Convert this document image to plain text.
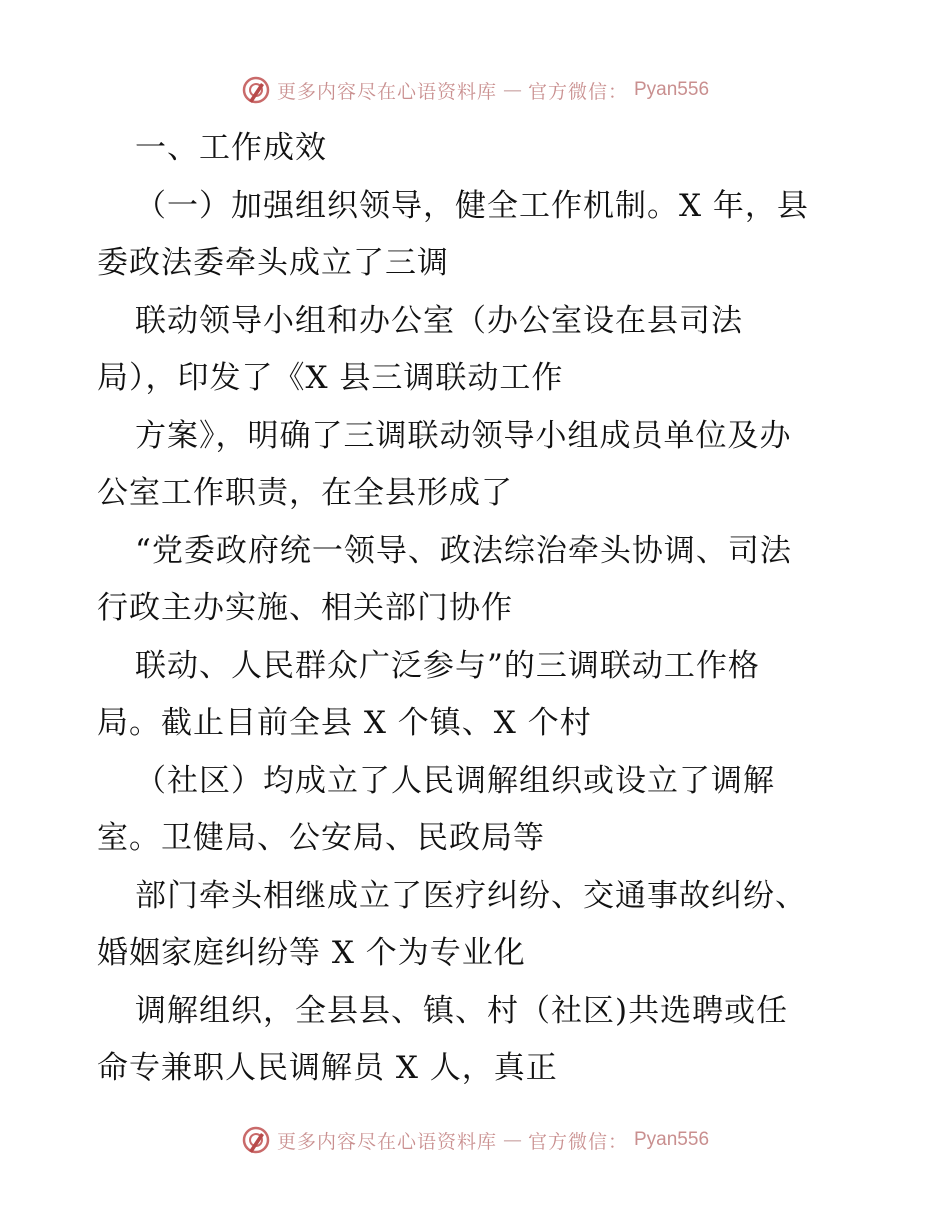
更多内容尽在心语资料库 — 官方微信： Pyan556
一、工作成效
（一）加强组织领导，健全工作机制。X 年，县
委政法委牵头成立了三调
联动领导小组和办公室（办公室设在县司法
局），印发了《X 县三调联动工作
方案》，明确了三调联动领导小组成员单位及办
公室工作职责，在全县形成了
“党委政府统一领导、政法综治牵头协调、司法
行政主办实施、相关部门协作
联动、人民群众广泛参与”的三调联动工作格
局。截止目前全县 X 个镇、X 个村
（社区）均成立了人民调解组织或设立了调解
室。卫健局、公安局、民政局等
部门牵头相继成立了医疗纠纷、交通事故纠纷、
婚姻家庭纠纷等 X 个为专业化
调解组织，全县县、镇、村（社区)共选聘或任
命专兼职人民调解员 X 人，真正
更多内容尽在心语资料库 — 官方微信： Pyan556
